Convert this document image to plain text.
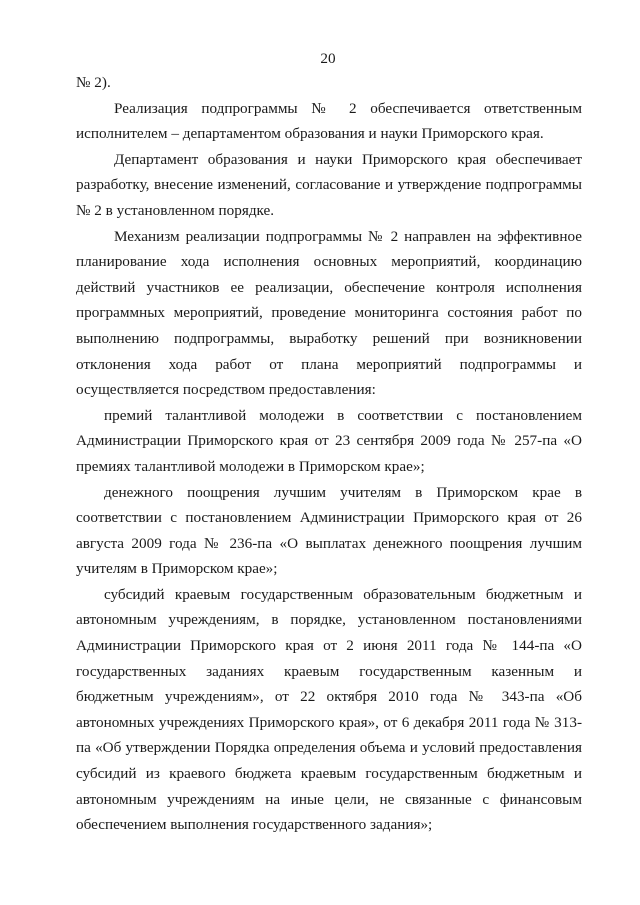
20

№ 2).

Реализация подпрограммы № 2 обеспечивается ответственным исполнителем – департаментом образования и науки Приморского края.

Департамент образования и науки Приморского края обеспечивает разработку, внесение изменений, согласование и утверждение подпрограммы № 2 в установленном порядке.

Механизм реализации подпрограммы № 2 направлен на эффективное планирование хода исполнения основных мероприятий, координацию действий участников ее реализации, обеспечение контроля исполнения программных мероприятий, проведение мониторинга состояния работ по выполнению подпрограммы, выработку решений при возникновении отклонения хода работ от плана мероприятий подпрограммы и осуществляется посредством предоставления:

премий талантливой молодежи в соответствии с постановлением Администрации Приморского края от 23 сентября 2009 года № 257-па «О премиях талантливой молодежи в Приморском крае»;

денежного поощрения лучшим учителям в Приморском крае в соответствии с постановлением Администрации Приморского края от 26 августа 2009 года № 236-па «О выплатах денежного поощрения лучшим учителям в Приморском крае»;

субсидий краевым государственным образовательным бюджетным и автономным учреждениям, в порядке, установленном постановлениями Администрации Приморского края от 2 июня 2011 года № 144-па «О государственных заданиях краевым государственным казенным и бюджетным учреждениям», от 22 октября 2010 года № 343-па «Об автономных учреждениях Приморского края», от 6 декабря 2011 года № 313-па «Об утверждении Порядка определения объема и условий предоставления субсидий из краевого бюджета краевым государственным бюджетным и автономным учреждениям на иные цели, не связанные с финансовым обеспечением выполнения государственного задания»;
